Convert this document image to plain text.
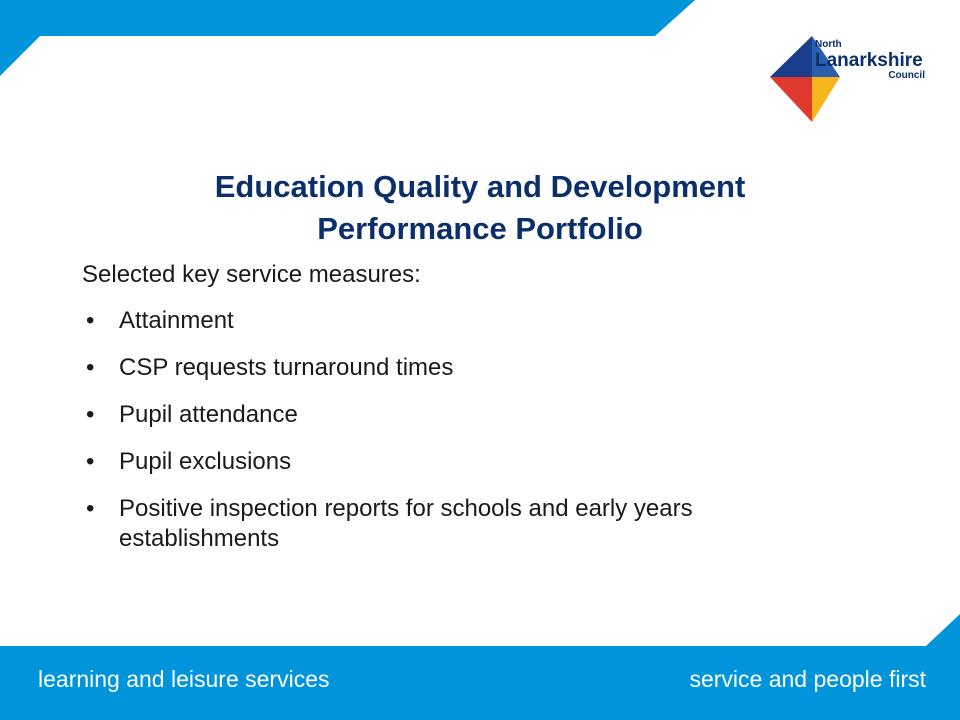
North
Lanarkshire
Council
Education Quality and Development
Performance Portfolio
Selected key service measures:
• Attainment
• CSP requests turnaround times
• Pupil attendance
• Pupil exclusions
• Positive inspection reports for schools and early years establishments
learning and leisure services	service and people first
